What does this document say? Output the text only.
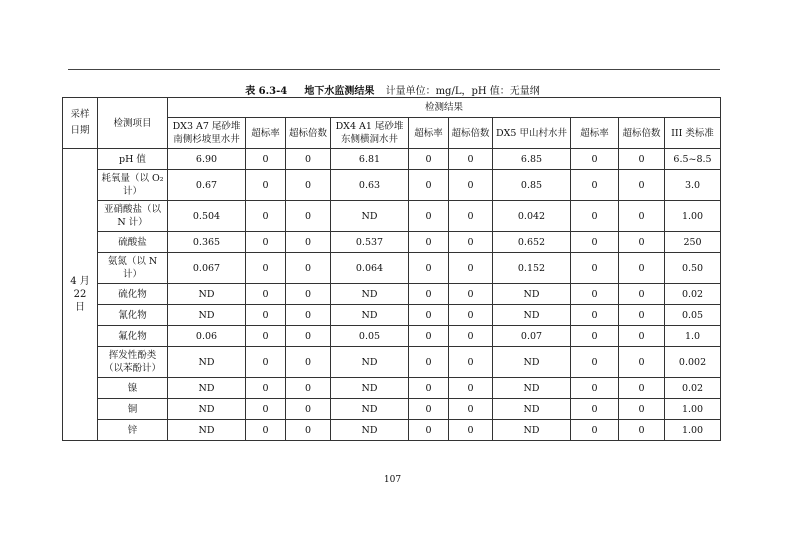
表 6.3-4 地下水监测结果 计量单位：mg/L，pH 值：无量纲
采样日期	检测项目	检测结果									
		DX3 A7 尾砂堆南侧杉坡里水井	超标率	超标倍数	DX4 A1 尾砂堆东侧横洞水井	超标率	超标倍数	DX5 甲山村水井	超标率	超标倍数	III 类标准

4 月 22 日	pH 值	6.90	0	0	6.81	0	0	6.85	0	0	6.5~8.5
	耗氧量（以 O₂ 计）	0.67	0	0	0.63	0	0	0.85	0	0	3.0
	亚硝酸盐（以 N 计）	0.504	0	0	ND	0	0	0.042	0	0	1.00
	硫酸盐	0.365	0	0	0.537	0	0	0.652	0	0	250
	氨氮（以 N 计）	0.067	0	0	0.064	0	0	0.152	0	0	0.50
	硫化物	ND	0	0	ND	0	0	ND	0	0	0.02
	氰化物	ND	0	0	ND	0	0	ND	0	0	0.05
	氟化物	0.06	0	0	0.05	0	0	0.07	0	0	1.0
	挥发性酚类（以苯酚计）	ND	0	0	ND	0	0	ND	0	0	0.002
	镍	ND	0	0	ND	0	0	ND	0	0	0.02
	铜	ND	0	0	ND	0	0	ND	0	0	1.00
	锌	ND	0	0	ND	0	0	ND	0	0	1.00
107
